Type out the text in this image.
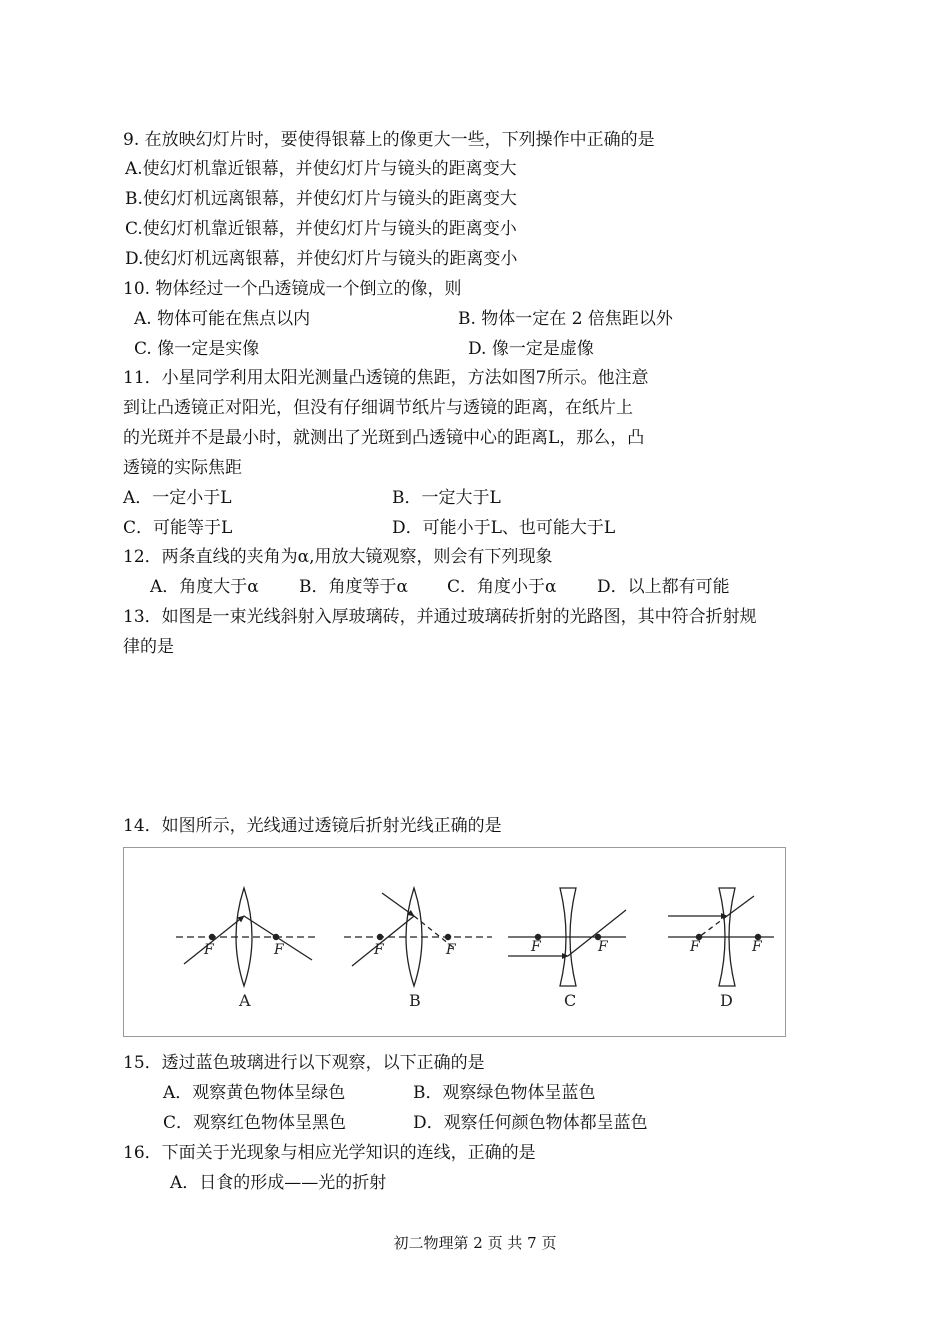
9. 在放映幻灯片时，要使得银幕上的像更大一些，下列操作中正确的是
A.使幻灯机靠近银幕，并使幻灯片与镜头的距离变大
B.使幻灯机远离银幕，并使幻灯片与镜头的距离变大
C.使幻灯机靠近银幕，并使幻灯片与镜头的距离变小
D.使幻灯机远离银幕，并使幻灯片与镜头的距离变小
10. 物体经过一个凸透镜成一个倒立的像，则
A. 物体可能在焦点以内	B. 物体一定在 2 倍焦距以外
C. 像一定是实像	D. 像一定是虚像
11．小星同学利用太阳光测量凸透镜的焦距，方法如图7所示。他注意
到让凸透镜正对阳光，但没有仔细调节纸片与透镜的距离，在纸片上
的光斑并不是最小时，就测出了光斑到凸透镜中心的距离L，那么，凸
透镜的实际焦距
A．一定小于L	B．一定大于L
C．可能等于L	D．可能小于L、也可能大于L
12．两条直线的夹角为α,用放大镜观察，则会有下列现象
A．角度大于α B．角度等于α C．角度小于α D．以上都有可能
13．如图是一束光线斜射入厚玻璃砖，并通过玻璃砖折射的光路图，其中符合折射规
律的是
14．如图所示，光线通过透镜后折射光线正确的是
F	F	F	F	F	F	F	F
A	B	C	D
15．透过蓝色玻璃进行以下观察，以下正确的是
A．观察黄色物体呈绿色	B．观察绿色物体呈蓝色
C．观察红色物体呈黑色	D．观察任何颜色物体都呈蓝色
16．下面关于光现象与相应光学知识的连线，正确的是
A．日食的形成——光的折射
初二物理第 2 页 共 7 页
